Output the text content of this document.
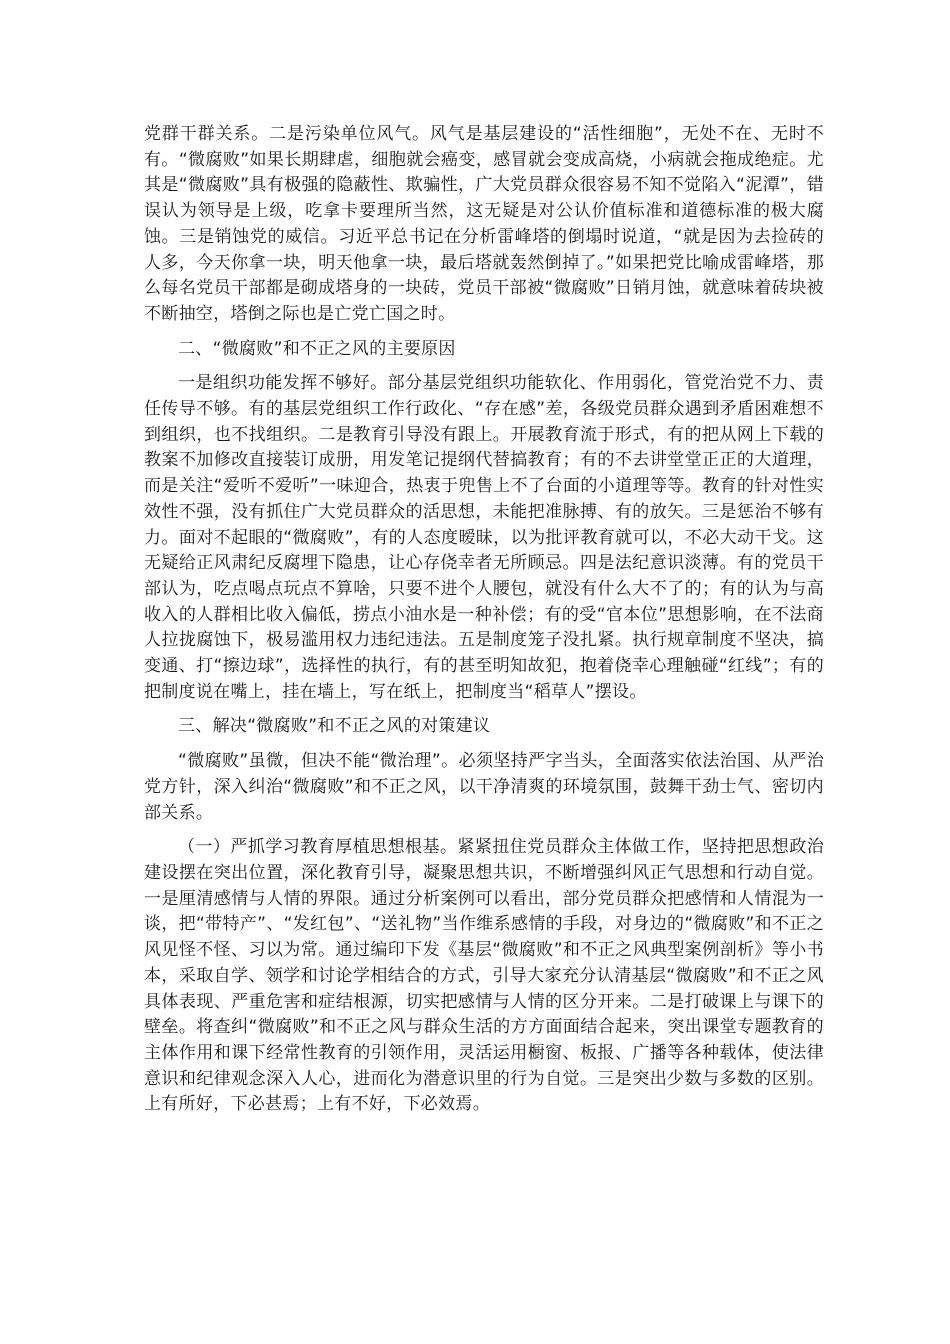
党群干群关系。二是污染单位风气。风气是基层建设的“活性细胞”，无处不在、无时不有。“微腐败”如果长期肆虐，细胞就会癌变，感冒就会变成高烧，小病就会拖成绝症。尤其是“微腐败”具有极强的隐蔽性、欺骗性，广大党员群众很容易不知不觉陷入“泥潭”，错误认为领导是上级，吃拿卡要理所当然，这无疑是对公认价值标准和道德标准的极大腐蚀。三是销蚀党的威信。习近平总书记在分析雷峰塔的倒塌时说道，“就是因为去捡砖的人多，今天你拿一块，明天他拿一块，最后塔就轰然倒掉了。”如果把党比喻成雷峰塔，那么每名党员干部都是砌成塔身的一块砖，党员干部被“微腐败”日销月蚀，就意味着砖块被不断抽空，塔倒之际也是亡党亡国之时。

二、“微腐败”和不正之风的主要原因

一是组织功能发挥不够好。部分基层党组织功能软化、作用弱化，管党治党不力、责任传导不够。有的基层党组织工作行政化、“存在感”差，各级党员群众遇到矛盾困难想不到组织，也不找组织。二是教育引导没有跟上。开展教育流于形式，有的把从网上下载的教案不加修改直接装订成册，用发笔记提纲代替搞教育；有的不去讲堂堂正正的大道理，而是关注“爱听不爱听”一味迎合，热衷于兜售上不了台面的小道理等等。教育的针对性实效性不强，没有抓住广大党员群众的活思想，未能把准脉搏、有的放矢。三是惩治不够有力。面对不起眼的“微腐败”，有的人态度暧昧，以为批评教育就可以，不必大动干戈。这无疑给正风肃纪反腐埋下隐患，让心存侥幸者无所顾忌。四是法纪意识淡薄。有的党员干部认为，吃点喝点玩点不算啥，只要不进个人腰包，就没有什么大不了的；有的认为与高收入的人群相比收入偏低，捞点小油水是一种补偿；有的受“官本位”思想影响，在不法商人拉拢腐蚀下，极易滥用权力违纪违法。五是制度笼子没扎紧。执行规章制度不坚决，搞变通、打“擦边球”，选择性的执行，有的甚至明知故犯，抱着侥幸心理触碰“红线”；有的把制度说在嘴上，挂在墙上，写在纸上，把制度当“稻草人”摆设。

三、解决“微腐败”和不正之风的对策建议

“微腐败”虽微，但决不能“微治理”。必须坚持严字当头，全面落实依法治国、从严治党方针，深入纠治“微腐败”和不正之风，以干净清爽的环境氛围，鼓舞干劲士气、密切内部关系。

（一）严抓学习教育厚植思想根基。紧紧扭住党员群众主体做工作，坚持把思想政治建设摆在突出位置，深化教育引导，凝聚思想共识，不断增强纠风正气思想和行动自觉。一是厘清感情与人情的界限。通过分析案例可以看出，部分党员群众把感情和人情混为一谈，把“带特产”、“发红包”、“送礼物”当作维系感情的手段，对身边的“微腐败”和不正之风见怪不怪、习以为常。通过编印下发《基层“微腐败”和不正之风典型案例剖析》等小书本，采取自学、领学和讨论学相结合的方式，引导大家充分认清基层“微腐败”和不正之风具体表现、严重危害和症结根源，切实把感情与人情的区分开来。二是打破课上与课下的壁垒。将查纠“微腐败”和不正之风与群众生活的方方面面结合起来，突出课堂专题教育的主体作用和课下经常性教育的引领作用，灵活运用橱窗、板报、广播等各种载体，使法律意识和纪律观念深入人心，进而化为潜意识里的行为自觉。三是突出少数与多数的区别。上有所好，下必甚焉；上有不好，下必效焉。
